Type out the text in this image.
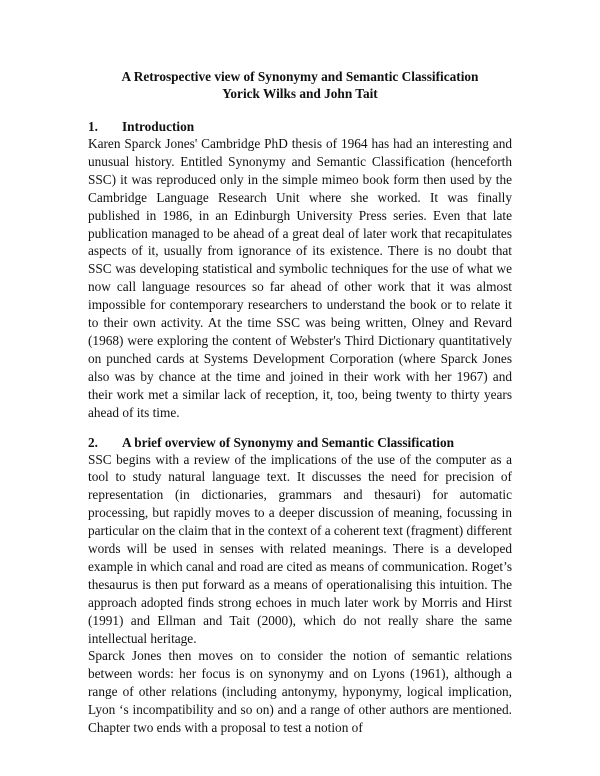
A Retrospective view of Synonymy and Semantic Classification
Yorick Wilks and John Tait
1.	Introduction

Karen Sparck Jones' Cambridge PhD thesis of 1964 has had an interesting and unusual history. Entitled Synonymy and Semantic Classification (henceforth SSC) it was reproduced only in the simple mimeo book form then used by the Cambridge Language Research Unit where she worked. It was finally published in 1986, in an Edinburgh University Press series. Even that late publication managed to be ahead of a great deal of later work that recapitulates aspects of it, usually from ignorance of its existence. There is no doubt that SSC was developing statistical and symbolic techniques for the use of what we now call language resources so far ahead of other work that it was almost impossible for contemporary researchers to understand the book or to relate it to their own activity. At the time SSC was being written, Olney and Revard (1968) were exploring the content of Webster's Third Dictionary quantitatively on punched cards at Systems Development Corporation (where Sparck Jones also was by chance at the time and joined in their work with her 1967) and their work met a similar lack of reception, it, too, being twenty to thirty years ahead of its time.

2.	A brief overview of Synonymy and Semantic Classification

SSC begins with a review of the implications of the use of the computer as a tool to study natural language text. It discusses the need for precision of representation (in dictionaries, grammars and thesauri) for automatic processing, but rapidly moves to a deeper discussion of meaning, focussing in particular on the claim that in the context of a coherent text (fragment) different words will be used in senses with related meanings. There is a developed example in which canal and road are cited as means of communication. Roget’s thesaurus is then put forward as a means of operationalising this intuition. The approach adopted finds strong echoes in much later work by Morris and Hirst (1991) and Ellman and Tait (2000), which do not really share the same intellectual heritage.

Sparck Jones then moves on to consider the notion of semantic relations between words: her focus is on synonymy and on Lyons (1961), although a range of other relations (including antonymy, hyponymy, logical implication, Lyon ‘s incompatibility and so on) and a range of other authors are mentioned. Chapter two ends with a proposal to test a notion of
